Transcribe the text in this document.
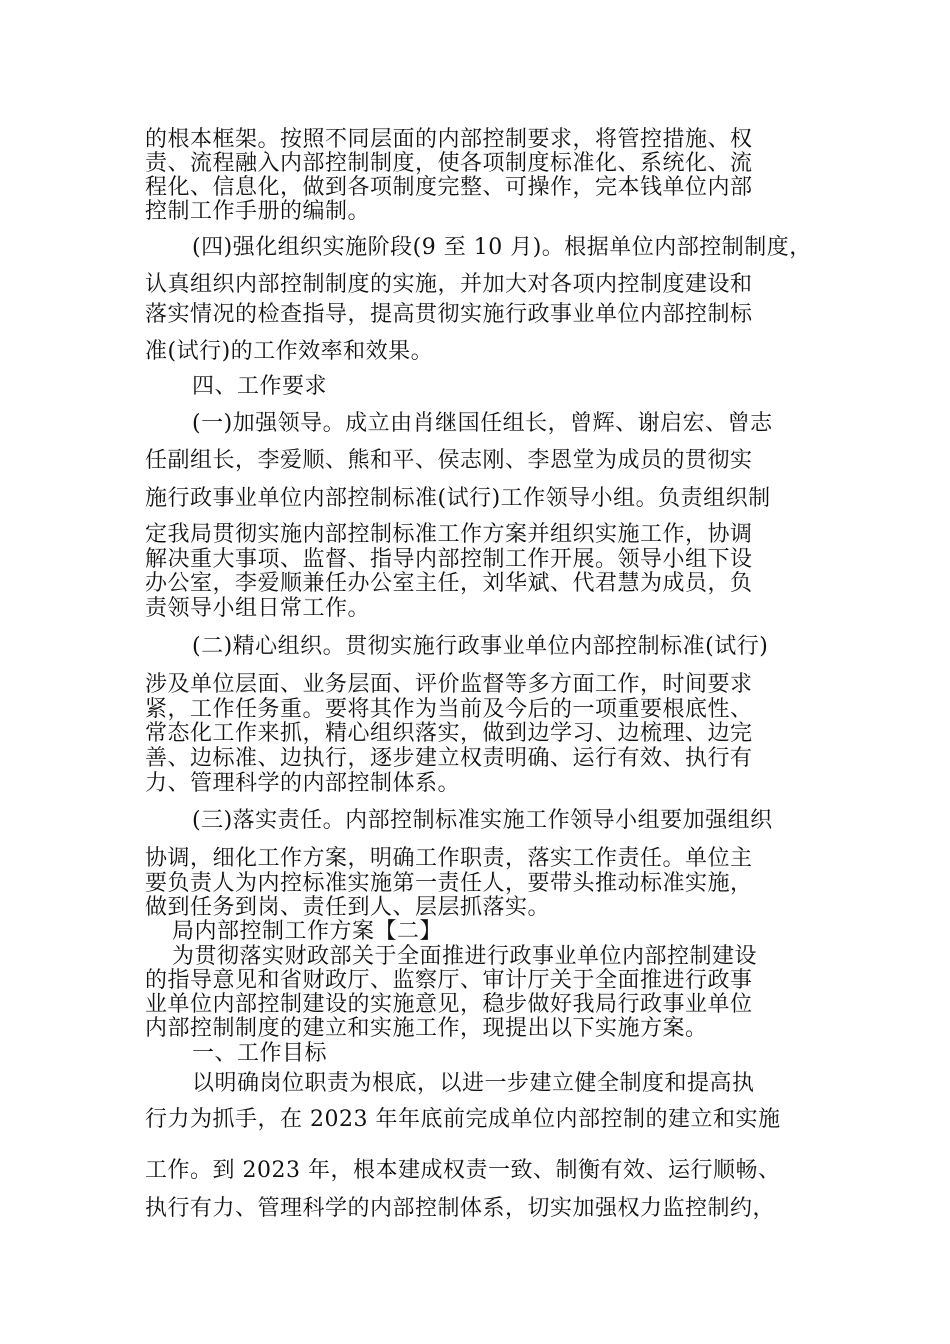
的根本框架。按照不同层面的内部控制要求，将管控措施、权
责、流程融入内部控制制度，使各项制度标准化、系统化、流
程化、信息化，做到各项制度完整、可操作，完本钱单位内部
控制工作手册的编制。
(四)强化组织实施阶段(9 至 10 月)。根据单位内部控制制度，
认真组织内部控制制度的实施，并加大对各项内控制度建设和
落实情况的检查指导，提高贯彻实施行政事业单位内部控制标
准(试行)的工作效率和效果。
四、工作要求
(一)加强领导。成立由肖继国任组长，曾辉、谢启宏、曾志
任副组长，李爱顺、熊和平、侯志刚、李恩堂为成员的贯彻实
施行政事业单位内部控制标准(试行)工作领导小组。负责组织制
定我局贯彻实施内部控制标准工作方案并组织实施工作，协调
解决重大事项、监督、指导内部控制工作开展。领导小组下设
办公室，李爱顺兼任办公室主任，刘华斌、代君慧为成员，负
责领导小组日常工作。
(二)精心组织。贯彻实施行政事业单位内部控制标准(试行)
涉及单位层面、业务层面、评价监督等多方面工作，时间要求
紧，工作任务重。要将其作为当前及今后的一项重要根底性、
常态化工作来抓，精心组织落实，做到边学习、边梳理、边完
善、边标准、边执行，逐步建立权责明确、运行有效、执行有
力、管理科学的内部控制体系。
(三)落实责任。内部控制标准实施工作领导小组要加强组织
协调，细化工作方案，明确工作职责，落实工作责任。单位主
要负责人为内控标准实施第一责任人，要带头推动标准实施，
做到任务到岗、责任到人、层层抓落实。
局内部控制工作方案【二】
为贯彻落实财政部关于全面推进行政事业单位内部控制建设
的指导意见和省财政厅、监察厅、审计厅关于全面推进行政事
业单位内部控制建设的实施意见，稳步做好我局行政事业单位
内部控制制度的建立和实施工作，现提出以下实施方案。
一、工作目标
以明确岗位职责为根底，以进一步建立健全制度和提高执
行力为抓手，在 2023 年年底前完成单位内部控制的建立和实施
工作。到 2023 年，根本建成权责一致、制衡有效、运行顺畅、
执行有力、管理科学的内部控制体系，切实加强权力监控制约，
